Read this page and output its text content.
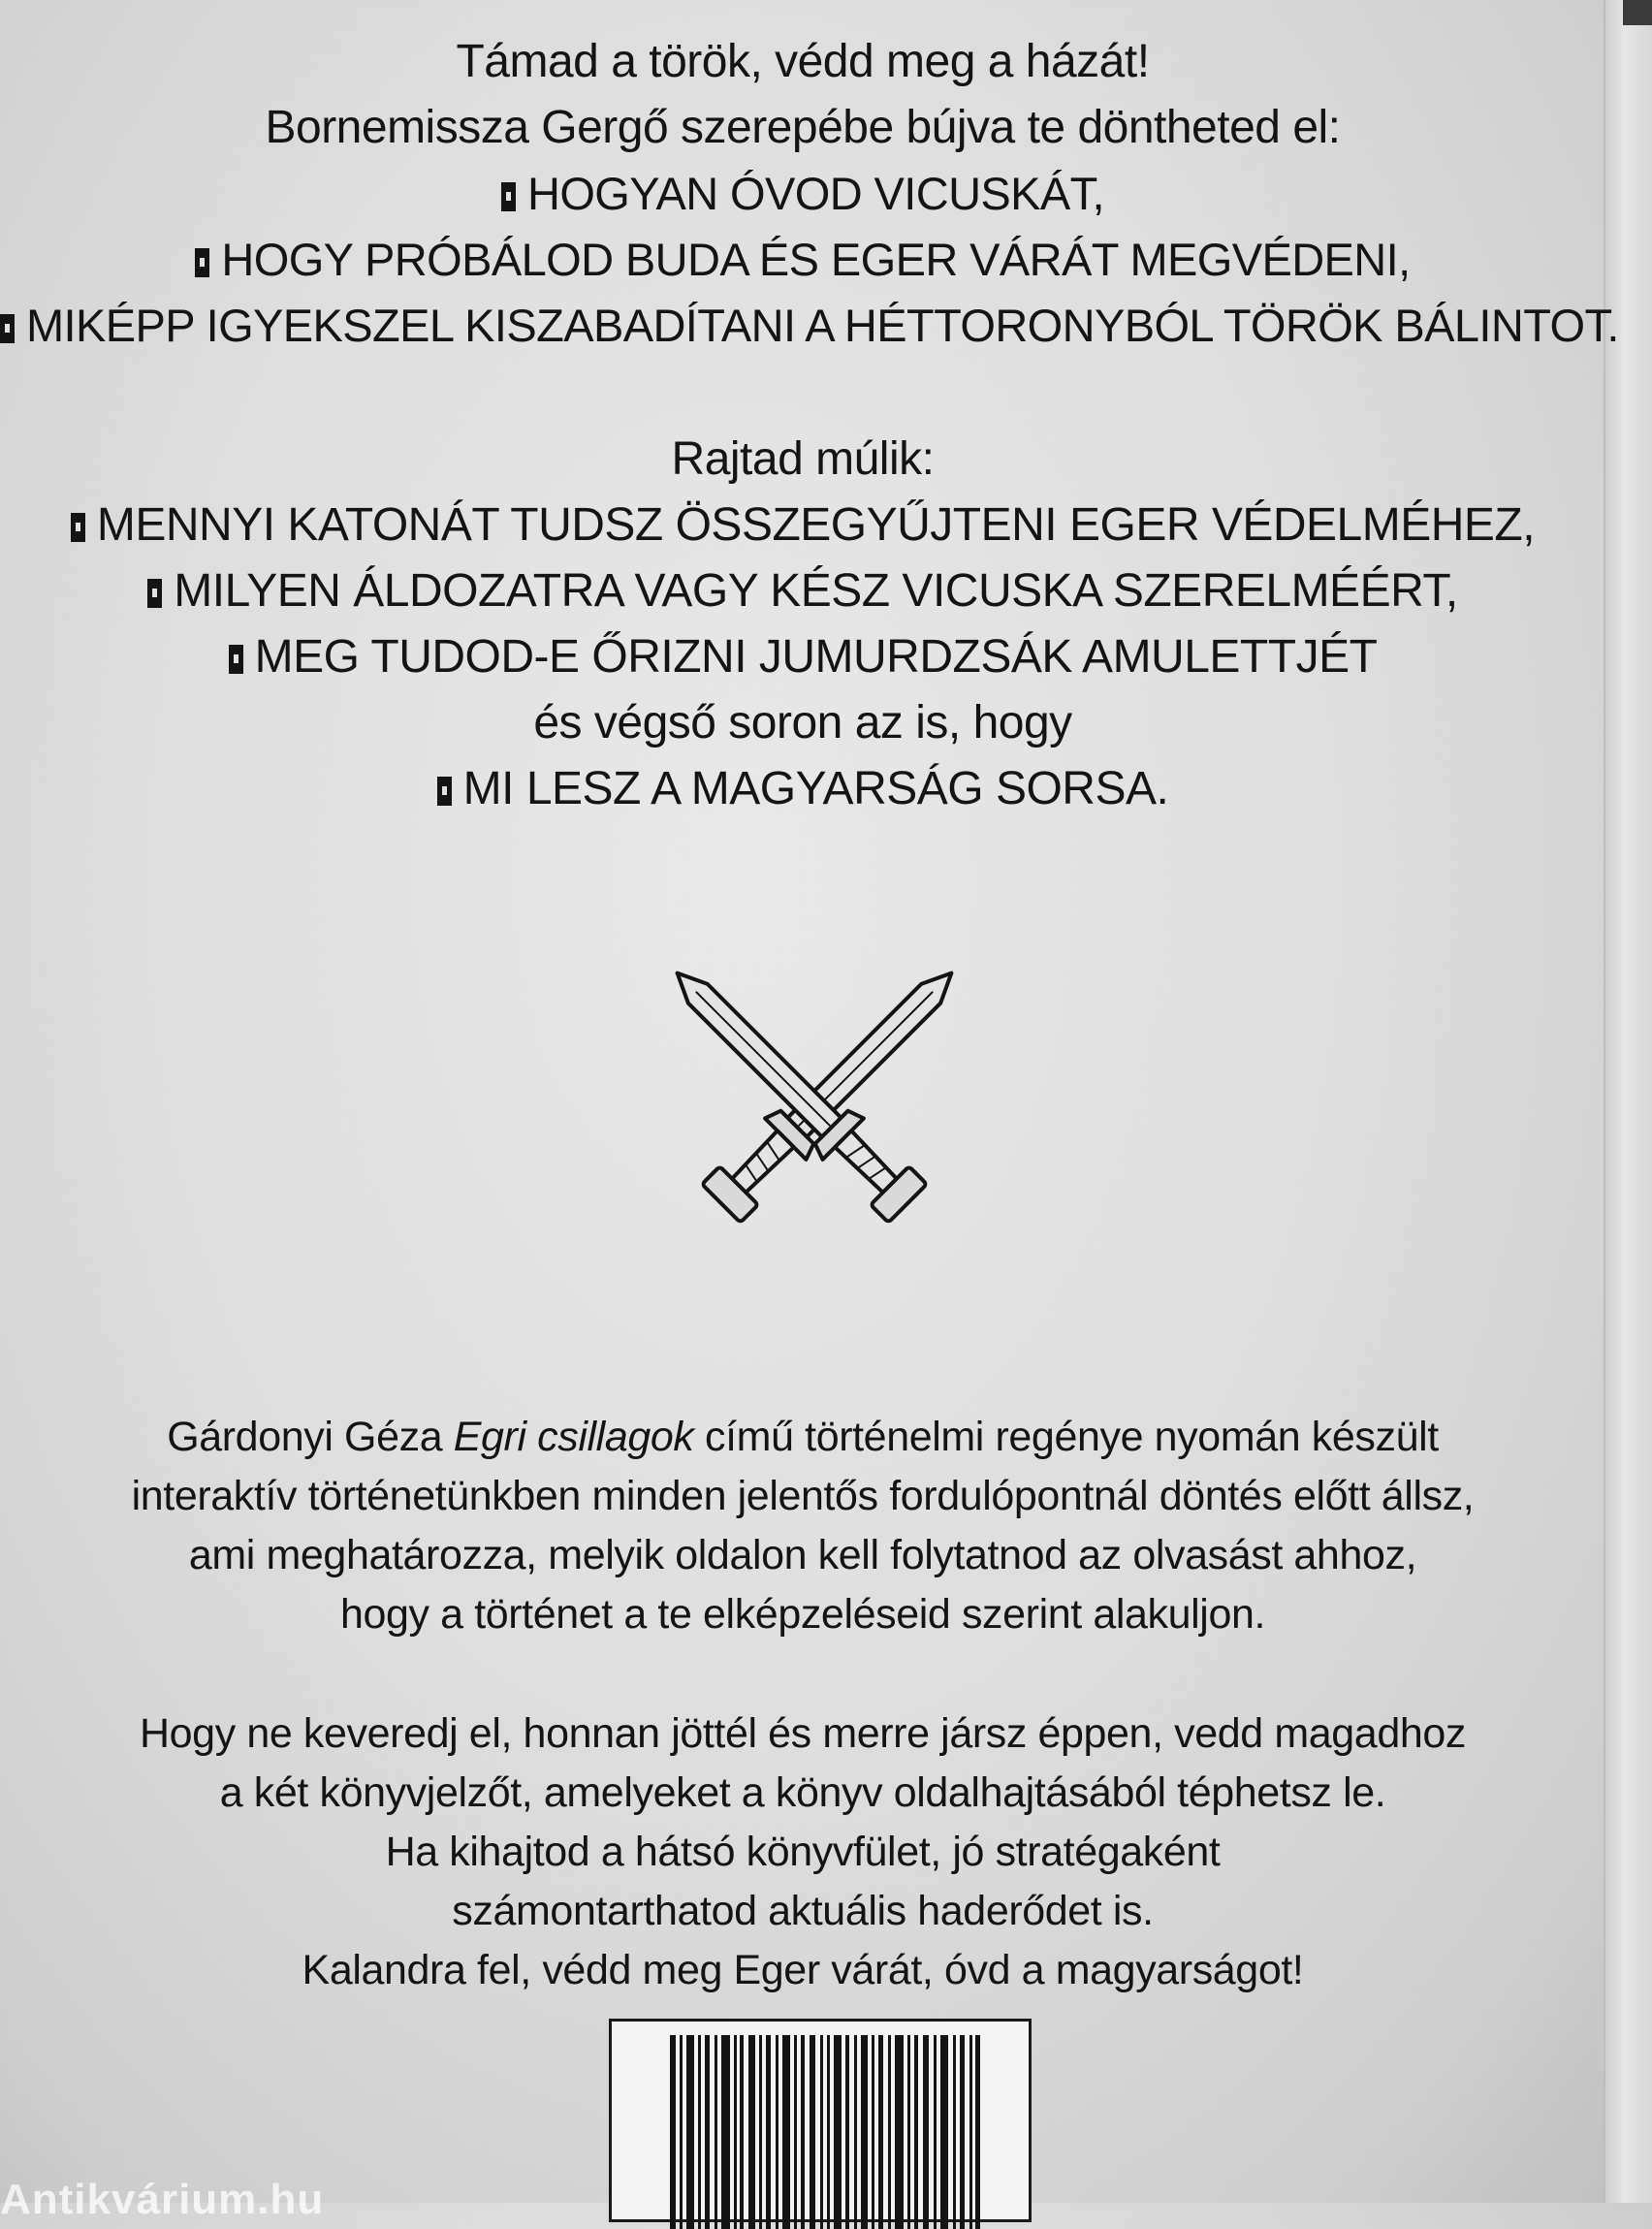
Támad a török, védd meg a házát!
Bornemissza Gergő szerepébe bújva te döntheted el:
HOGYAN ÓVOD VICUSKÁT,
HOGY PRÓBÁLOD BUDA ÉS EGER VÁRÁT MEGVÉDENI,
MIKÉPP IGYEKSZEL KISZABADÍTANI A HÉTTORONYBÓL TÖRÖK BÁLINTOT.
Rajtad múlik:
MENNYI KATONÁT TUDSZ ÖSSZEGYŰJTENI EGER VÉDELMÉHEZ,
MILYEN ÁLDOZATRA VAGY KÉSZ VICUSKA SZERELMÉÉRT,
MEG TUDOD-E ŐRIZNI JUMURDZSÁK AMULETTJÉT
és végső soron az is, hogy
MI LESZ A MAGYARSÁG SORSA.
Gárdonyi Géza Egri csillagok című történelmi regénye nyomán készült
interaktív történetünkben minden jelentős fordulópontnál döntés előtt állsz,
ami meghatározza, melyik oldalon kell folytatnod az olvasást ahhoz,
hogy a történet a te elképzeléseid szerint alakuljon.
Hogy ne keveredj el, honnan jöttél és merre jársz éppen, vedd magadhoz
a két könyvjelzőt, amelyeket a könyv oldalhajtásából téphetsz le.
Ha kihajtod a hátsó könyvfület, jó stratégaként
számontarthatod aktuális haderődet is.
Kalandra fel, védd meg Eger várát, óvd a magyarságot!
Antikvárium.hu
